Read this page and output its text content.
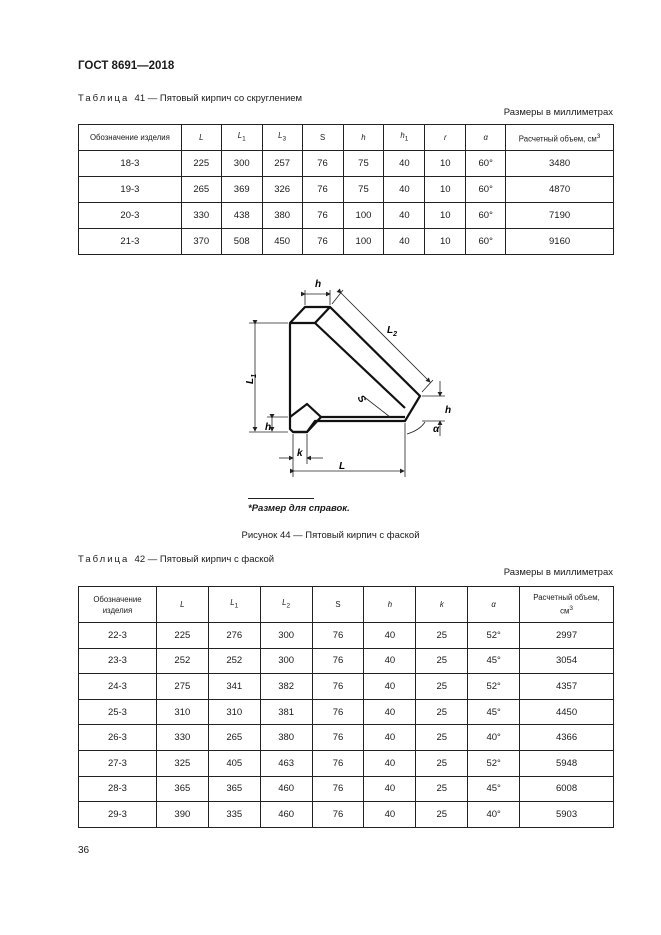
ГОСТ 8691—2018
Таблица 41 — Пятовый кирпич со скруглением
Размеры в миллиметрах
Обозначение изделия	L	$L_1$	$L_3$	S	h	$h_1$	r	α	Расчетный объем, $см^3$
18-3	225	300	257	76	75	40	10	60°	3480
19-3	265	369	326	76	75	40	10	60°	4870
20-3	330	438	380	76	100	40	10	60°	7190
21-3	370	508	450	76	100	40	10	60°	9160
h
$L_2$
$L_1$
h
h
S
α
k
L
*Размер для справок.
Рисунок 44 — Пятовый кирпич с фаской
Таблица 42 — Пятовый кирпич с фаской
Размеры в миллиметрах
Обозначение изделия	L	$L_1$	$L_2$	S	h	k	α	Расчетный объем,
$см^3$
22-3	225	276	300	76	40	25	52°	2997
23-3	252	252	300	76	40	25	45°	3054
24-3	275	341	382	76	40	25	52°	4357
25-3	310	310	381	76	40	25	45°	4450
26-3	330	265	380	76	40	25	40°	4366
27-3	325	405	463	76	40	25	52°	5948
28-3	365	365	460	76	40	25	45°	6008
29-3	390	335	460	76	40	25	40°	5903
36
